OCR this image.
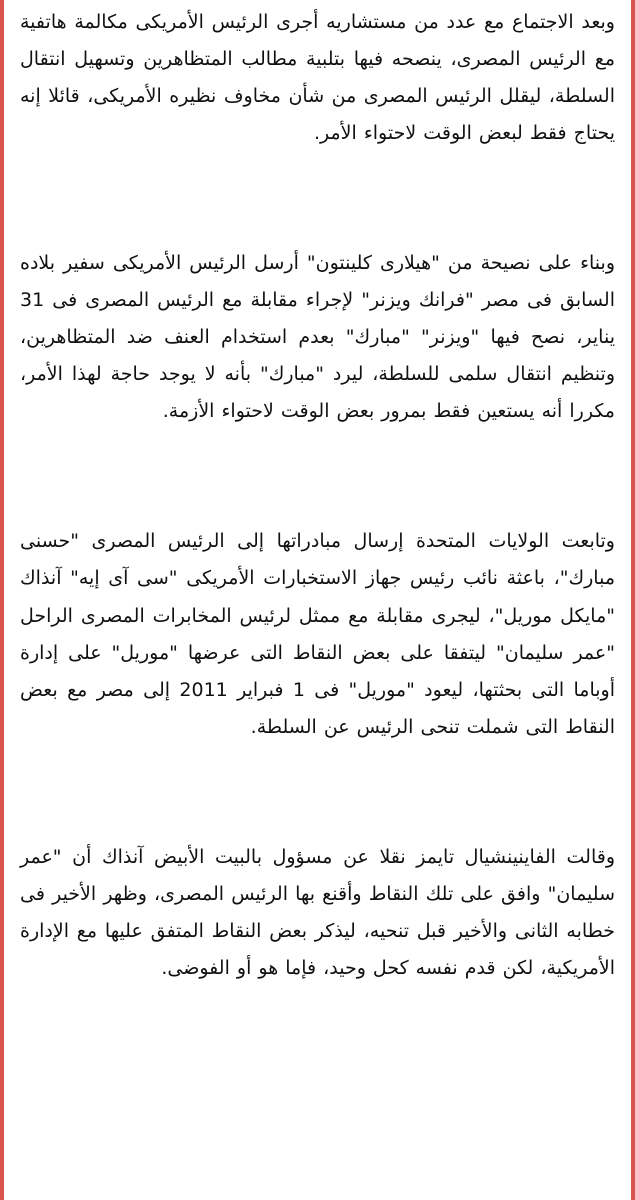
وبعد الاجتماع مع عدد من مستشاريه أجرى الرئيس الأمريكى مكالمة هاتفية مع الرئيس المصرى، ينصحه فيها بتلبية مطالب المتظاهرين وتسهيل انتقال السلطة، ليقلل الرئيس المصرى من شأن مخاوف نظيره الأمريكى، قائلا إنه يحتاج فقط لبعض الوقت لاحتواء الأمر.

وبناء على نصيحة من "هيلارى كلينتون" أرسل الرئيس الأمريكى سفير بلاده السابق فى مصر "فرانك ويزنر" لإجراء مقابلة مع الرئيس المصرى فى 31 يناير، نصح فيها "ويزنر" "مبارك" بعدم استخدام العنف ضد المتظاهرين، وتنظيم انتقال سلمى للسلطة، ليرد "مبارك" بأنه لا يوجد حاجة لهذا الأمر، مكررا أنه يستعين فقط بمرور بعض الوقت لاحتواء الأزمة.

وتابعت الولايات المتحدة إرسال مبادراتها إلى الرئيس المصرى "حسنى مبارك"، باعثة نائب رئيس جهاز الاستخبارات الأمريكى "سى آى إيه" آنذاك "مايكل موريل"، ليجرى مقابلة مع ممثل لرئيس المخابرات المصرى الراحل "عمر سليمان" ليتفقا على بعض النقاط التى عرضها "موريل" على إدارة أوباما التى بحثتها، ليعود "موريل" فى 1 فبراير 2011 إلى مصر مع بعض النقاط التى شملت تنحى الرئيس عن السلطة.

وقالت الفاينينشيال تايمز نقلا عن مسؤول بالبيت الأبيض آنذاك أن "عمر سليمان" وافق على تلك النقاط وأقنع بها الرئيس المصرى، وظهر الأخير فى خطابه الثانى والأخير قبل تنحيه، ليذكر بعض النقاط المتفق عليها مع الإدارة الأمريكية، لكن قدم نفسه كحل وحيد، فإما هو أو الفوضى.
